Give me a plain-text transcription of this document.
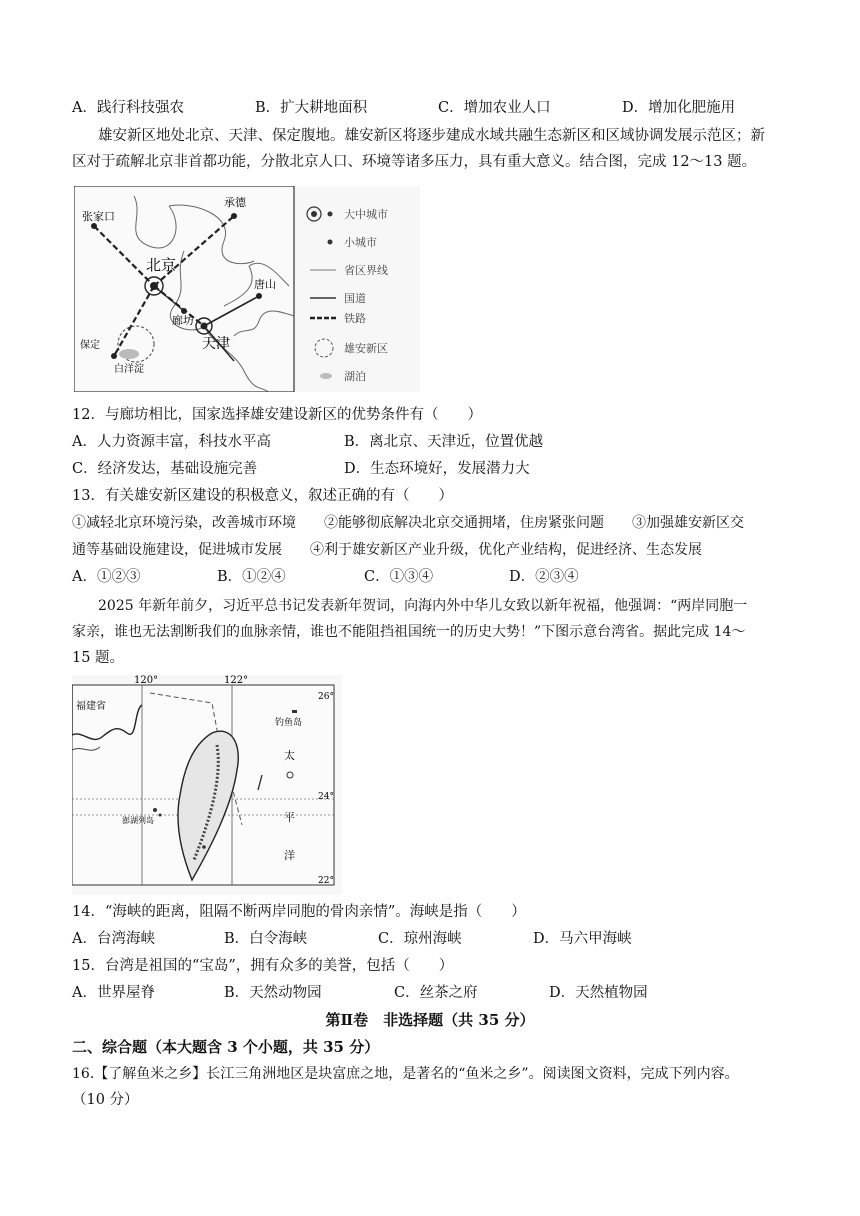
A．践行科技强农	B．扩大耕地面积	C．增加农业人口	D．增加化肥施用
雄安新区地处北京、天津、保定腹地。雄安新区将逐步建成水域共融生态新区和区域协调发展示范区；新
区对于疏解北京非首都功能，分散北京人口、环境等诸多压力，具有重大意义。结合图，完成 12～13 题。
张家口
承德
北京
唐山
廊坊
天津
保定
白洋淀
大中城市
小城市
省区界线
国道
铁路
雄安新区
湖泊
12．与廊坊相比，国家选择雄安建设新区的优势条件有（　　）
A．人力资源丰富，科技水平高	B．离北京、天津近，位置优越
C．经济发达，基础设施完善	D．生态环境好，发展潜力大
13．有关雄安新区建设的积极意义，叙述正确的有（　　）
①减轻北京环境污染，改善城市环境　　②能够彻底解决北京交通拥堵，住房紧张问题　　③加强雄安新区交
通等基础设施建设，促进城市发展　　④利于雄安新区产业升级，优化产业结构，促进经济、生态发展
A．①②③	B．①②④	C．①③④	D．②③④
2025 年新年前夕，习近平总书记发表新年贺词，向海内外中华儿女致以新年祝福，他强调：“两岸同胞一
家亲，谁也无法割断我们的血脉亲情，谁也不能阻挡祖国统一的历史大势！”下图示意台湾省。据此完成 14～
15 题。
120°	122°
26°
24°
22°
福建省
钓鱼岛
太
平
洋
澎湖列岛
14．“海峡的距离，阻隔不断两岸同胞的骨肉亲情”。海峡是指（　　）
A．台湾海峡	B．白令海峡	C．琼州海峡	D．马六甲海峡
15．台湾是祖国的“宝岛”，拥有众多的美誉，包括（　　）
A．世界屋脊	B．天然动物园	C．丝茶之府	D．天然植物园
第Ⅱ卷　非选择题（共 35 分）
二、综合题（本大题含 3 个小题，共 35 分）
16.【了解鱼米之乡】长江三角洲地区是块富庶之地，是著名的“鱼米之乡”。阅读图文资料，完成下列内容。
（10 分）
